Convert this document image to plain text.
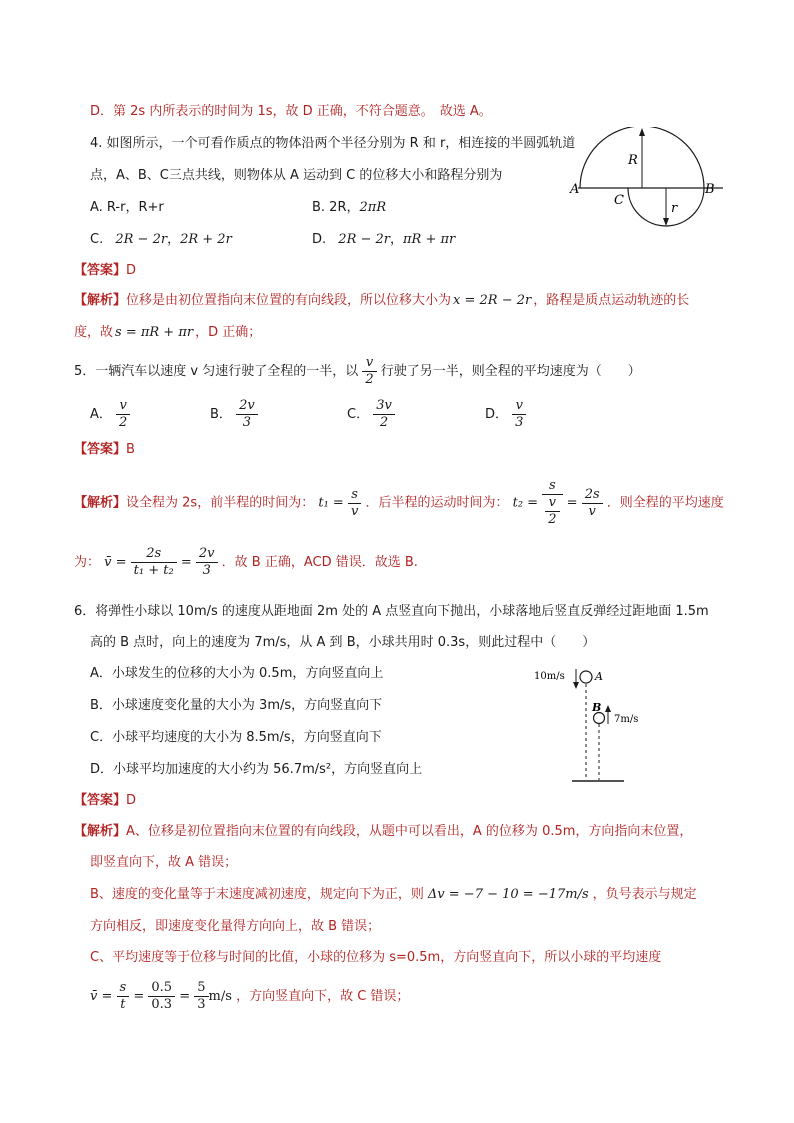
D．第 2s 内所表示的时间为 1s，故 D 正确，不符合题意。 故选 A。
4. 如图所示，一个可看作质点的物体沿两个半径分别为 R 和 r，相连接的半圆弧轨道
点，A、B、C三点共线，则物体从 A 运动到 C 的位移大小和路程分别为
A	B
C
R
r
A. R-r，R+r	B. 2R，2πR
C. 2R − 2r，2R + 2r	D. 2R − 2r，πR + πr
【答案】D
【解析】位移是由初位置指向末位置的有向线段，所以位移大小为 x = 2R − 2r ，路程是质点运动轨迹的长
度，故 s = πR + πr ，D 正确；
5．一辆汽车以速度 v 匀速行驶了全程的一半，以 $\frac{v}{2}$ 行驶了另一半，则全程的平均速度为（　　）
A． $\frac{v}{2}$	B． $\frac{2v}{3}$	C． $\frac{3v}{2}$	D． $\frac{v}{3}$
【答案】B
【解析】设全程为 2s，前半程的时间为： $t_1 = \frac{s}{v}$ ．后半程的运动时间为： $t_2 = \frac{s}{\frac{v}{2}} = \frac{2s}{v}$ ．则全程的平均速度
为： v̄ = $\frac{2s}{\text{t₁ + t₂}} = \frac{2v}{3}$ ．故 B 正确，ACD 错误．故选 B.
6．将弹性小球以 10m/s 的速度从距地面 2m 处的 A 点竖直向下抛出，小球落地后竖直反弹经过距地面 1.5m
高的 B 点时，向上的速度为 7m/s，从 A 到 B，小球共用时 0.3s，则此过程中（　　）
A．小球发生的位移的大小为 0.5m，方向竖直向上
B．小球速度变化量的大小为 3m/s，方向竖直向下
C．小球平均速度的大小为 8.5m/s，方向竖直向下
D．小球平均加速度的大小约为 56.7m/s²，方向竖直向上
10m/s	A
B
7m/s
【答案】D
【解析】A、位移是初位置指向末位置的有向线段，从题中可以看出，A 的位移为 0.5m，方向指向末位置，
即竖直向下，故 A 错误；
B、速度的变化量等于末速度减初速度，规定向下为正，则 Δv = −7 − 10 = −17m/s ，负号表示与规定
方向相反，即速度变化量得方向向上，故 B 错误；
C、平均速度等于位移与时间的比值，小球的位移为 s=0.5m，方向竖直向下，所以小球的平均速度
v̄ = $\frac{s}{t} = \frac{0.5}{0.3} = \frac{5}{3} m/s$ ，方向竖直向下，故 C 错误；
